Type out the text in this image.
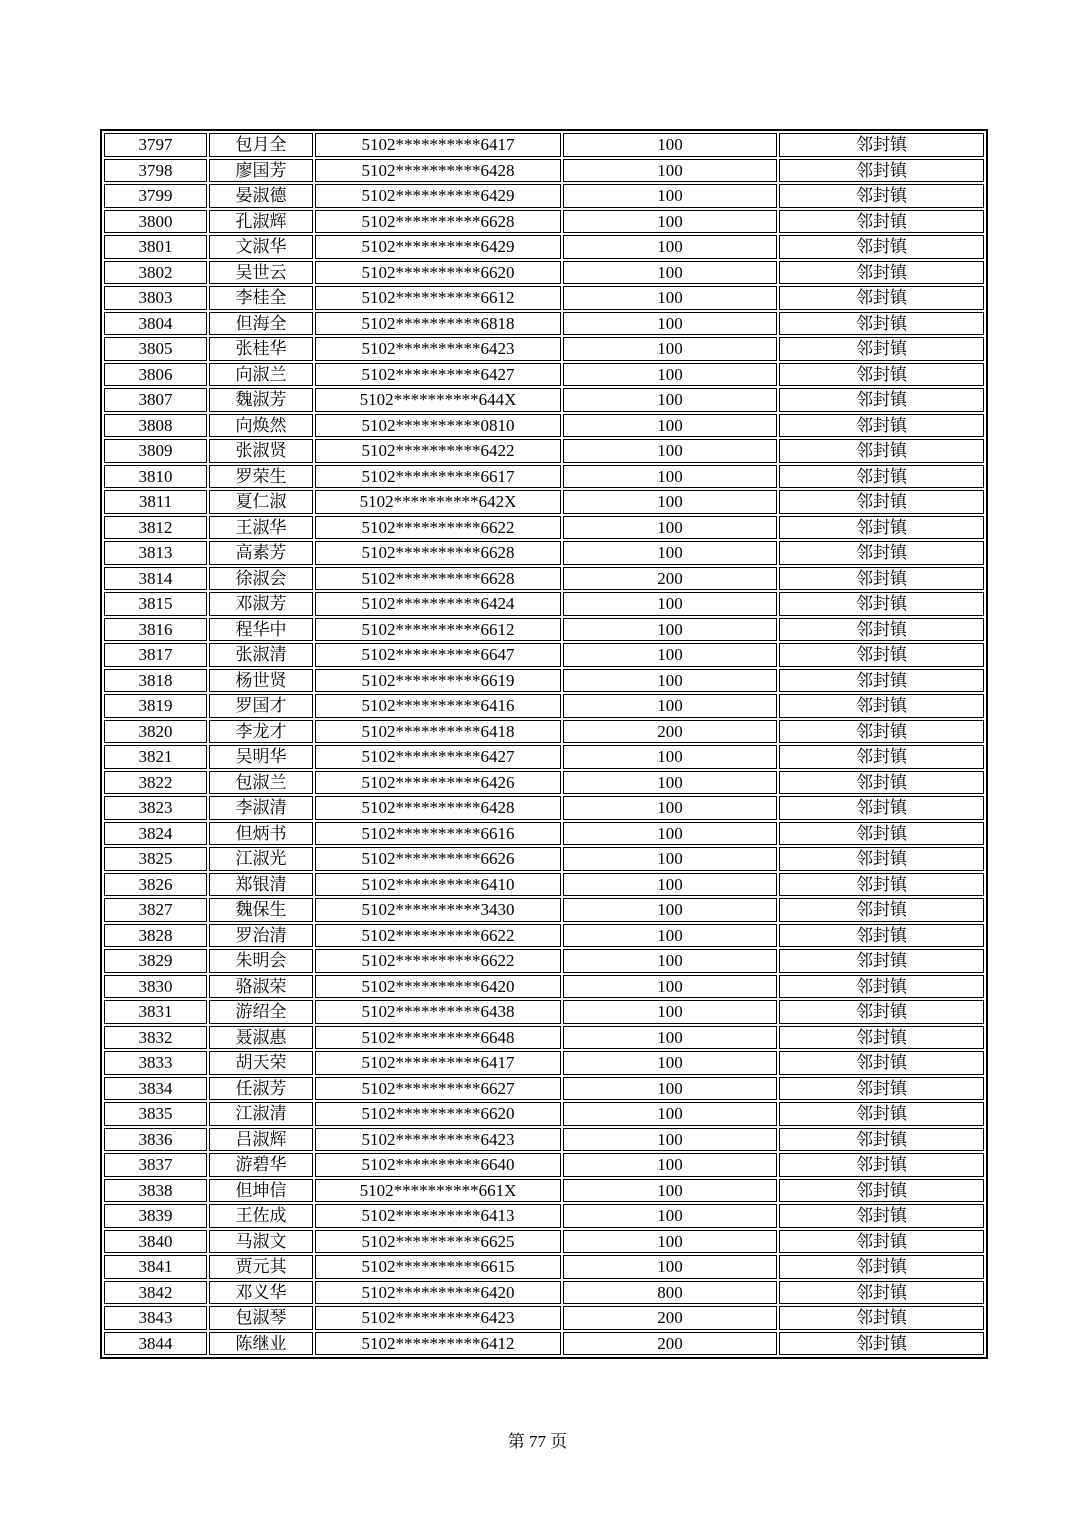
3797	包月全	5102**********6417	100	邻封镇
3798	廖国芳	5102**********6428	100	邻封镇
3799	晏淑德	5102**********6429	100	邻封镇
3800	孔淑辉	5102**********6628	100	邻封镇
3801	文淑华	5102**********6429	100	邻封镇
3802	吴世云	5102**********6620	100	邻封镇
3803	李桂全	5102**********6612	100	邻封镇
3804	但海全	5102**********6818	100	邻封镇
3805	张桂华	5102**********6423	100	邻封镇
3806	向淑兰	5102**********6427	100	邻封镇
3807	魏淑芳	5102**********644X	100	邻封镇
3808	向焕然	5102**********0810	100	邻封镇
3809	张淑贤	5102**********6422	100	邻封镇
3810	罗荣生	5102**********6617	100	邻封镇
3811	夏仁淑	5102**********642X	100	邻封镇
3812	王淑华	5102**********6622	100	邻封镇
3813	高素芳	5102**********6628	100	邻封镇
3814	徐淑会	5102**********6628	200	邻封镇
3815	邓淑芳	5102**********6424	100	邻封镇
3816	程华中	5102**********6612	100	邻封镇
3817	张淑清	5102**********6647	100	邻封镇
3818	杨世贤	5102**********6619	100	邻封镇
3819	罗国才	5102**********6416	100	邻封镇
3820	李龙才	5102**********6418	200	邻封镇
3821	吴明华	5102**********6427	100	邻封镇
3822	包淑兰	5102**********6426	100	邻封镇
3823	李淑清	5102**********6428	100	邻封镇
3824	但炳书	5102**********6616	100	邻封镇
3825	江淑光	5102**********6626	100	邻封镇
3826	郑银清	5102**********6410	100	邻封镇
3827	魏保生	5102**********3430	100	邻封镇
3828	罗治清	5102**********6622	100	邻封镇
3829	朱明会	5102**********6622	100	邻封镇
3830	骆淑荣	5102**********6420	100	邻封镇
3831	游绍全	5102**********6438	100	邻封镇
3832	聂淑惠	5102**********6648	100	邻封镇
3833	胡天荣	5102**********6417	100	邻封镇
3834	任淑芳	5102**********6627	100	邻封镇
3835	江淑清	5102**********6620	100	邻封镇
3836	吕淑辉	5102**********6423	100	邻封镇
3837	游碧华	5102**********6640	100	邻封镇
3838	但坤信	5102**********661X	100	邻封镇
3839	王佐成	5102**********6413	100	邻封镇
3840	马淑文	5102**********6625	100	邻封镇
3841	贾元其	5102**********6615	100	邻封镇
3842	邓义华	5102**********6420	800	邻封镇
3843	包淑琴	5102**********6423	200	邻封镇
3844	陈继业	5102**********6412	200	邻封镇
第 77 页
